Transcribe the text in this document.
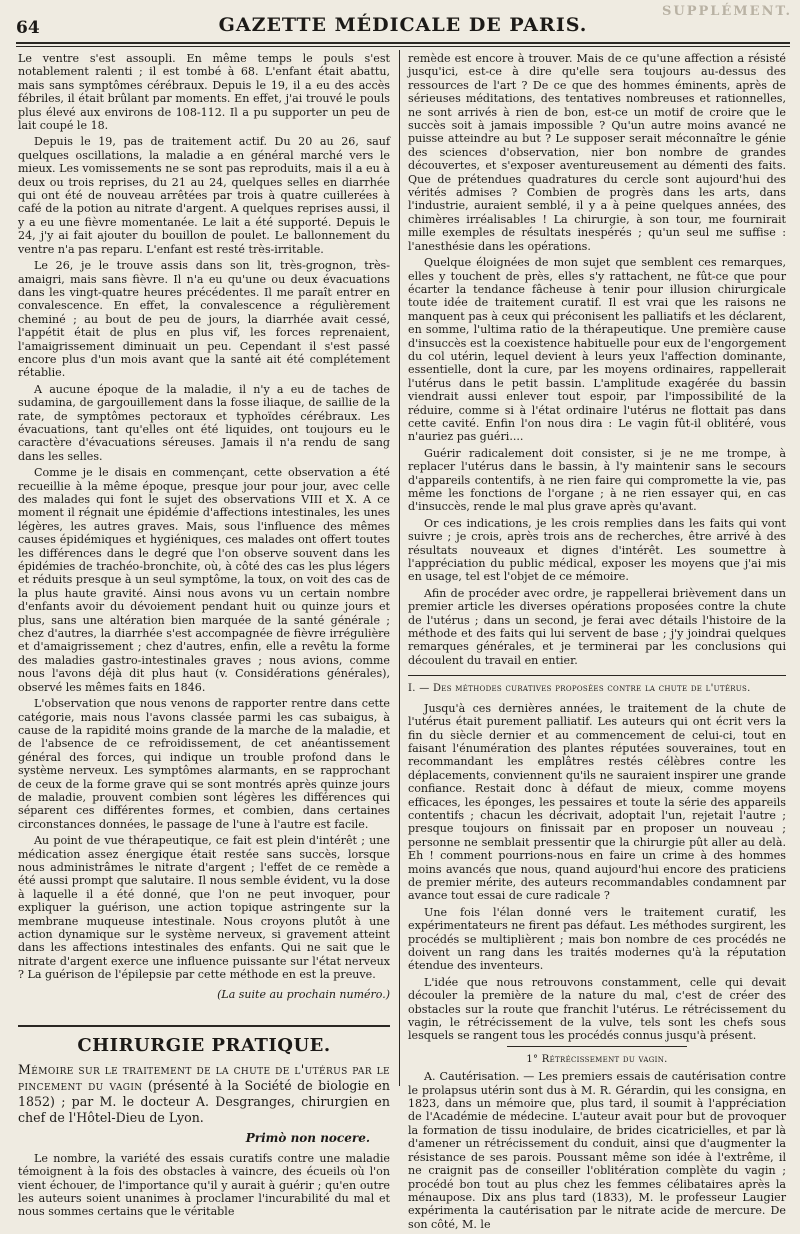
SUPPLÉMENT.
64	GAZETTE MÉDICALE DE PARIS.

Le ventre s'est assoupli. En même temps le pouls s'est notablement ralenti ; il est tombé à 68. L'enfant était abattu, mais sans symptômes cérébraux. Depuis le 19, il a eu des accès fébriles, il était brûlant par moments. En effet, j'ai trouvé le pouls plus élevé aux environs de 108-112. Il a pu supporter un peu de lait coupé le 18.

Depuis le 19, pas de traitement actif. Du 20 au 26, sauf quelques oscillations, la maladie a en général marché vers le mieux. Les vomissements ne se sont pas reproduits, mais il a eu à deux ou trois reprises, du 21 au 24, quelques selles en diarrhée qui ont été de nouveau arrêtées par trois à quatre cuillerées à café de la potion au nitrate d'argent. A quelques reprises aussi, il y a eu une fièvre momentanée. Le lait a été supporté. Depuis le 24, j'y ai fait ajouter du bouillon de poulet. Le ballonnement du ventre n'a pas reparu. L'enfant est resté très-irritable.

Le 26, je le trouve assis dans son lit, très-grognon, très-amaigri, mais sans fièvre. Il n'a eu qu'une ou deux évacuations dans les vingt-quatre heures précédentes. Il me paraît entrer en convalescence. En effet, la convalescence a régulièrement cheminé ; au bout de peu de jours, la diarrhée avait cessé, l'appétit était de plus en plus vif, les forces reprenaient, l'amaigrissement diminuait un peu. Cependant il s'est passé encore plus d'un mois avant que la santé ait été complétement rétablie.

A aucune époque de la maladie, il n'y a eu de taches de sudamina, de gargouillement dans la fosse iliaque, de saillie de la rate, de symptômes pectoraux et typhoïdes cérébraux. Les évacuations, tant qu'elles ont été liquides, ont toujours eu le caractère d'évacuations séreuses. Jamais il n'a rendu de sang dans les selles.

Comme je le disais en commençant, cette observation a été recueillie à la même époque, presque jour pour jour, avec celle des malades qui font le sujet des observations VIII et X. A ce moment il régnait une épidémie d'affections intestinales, les unes légères, les autres graves. Mais, sous l'influence des mêmes causes épidémiques et hygiéniques, ces malades ont offert toutes les différences dans le degré que l'on observe souvent dans les épidémies de trachéo-bronchite, où, à côté des cas les plus légers et réduits presque à un seul symptôme, la toux, on voit des cas de la plus haute gravité. Ainsi nous avons vu un certain nombre d'enfants avoir du dévoiement pendant huit ou quinze jours et plus, sans une altération bien marquée de la santé générale ; chez d'autres, la diarrhée s'est accompagnée de fièvre irrégulière et d'amaigrissement ; chez d'autres, enfin, elle a revêtu la forme des maladies gastro-intestinales graves ; nous avions, comme nous l'avons déjà dit plus haut (v. Considérations générales), observé les mêmes faits en 1846.

L'observation que nous venons de rapporter rentre dans cette catégorie, mais nous l'avons classée parmi les cas subaigus, à cause de la rapidité moins grande de la marche de la maladie, et de l'absence de ce refroidissement, de cet anéantissement général des forces, qui indique un trouble profond dans le système nerveux. Les symptômes alarmants, en se rapprochant de ceux de la forme grave qui se sont montrés après quinze jours de maladie, prouvent combien sont légères les différences qui séparent ces différentes formes, et combien, dans certaines circonstances données, le passage de l'une à l'autre est facile.

Au point de vue thérapeutique, ce fait est plein d'intérêt ; une médication assez énergique était restée sans succès, lorsque nous administrâmes le nitrate d'argent ; l'effet de ce remède a été aussi prompt que salutaire. Il nous semble évident, vu la dose à laquelle il a été donné, que l'on ne peut invoquer, pour expliquer la guérison, une action topique astringente sur la membrane muqueuse intestinale. Nous croyons plutôt à une action dynamique sur le système nerveux, si gravement atteint dans les affections intestinales des enfants. Qui ne sait que le nitrate d'argent exerce une influence puissante sur l'état nerveux ? La guérison de l'épilepsie par cette méthode en est la preuve.

(La suite au prochain numéro.)
CHIRURGIE PRATIQUE.
Mémoire sur le traitement de la chute de l'utérus par le pincement du vagin (présenté à la Société de biologie en 1852) ; par M. le docteur A. Desgranges, chirurgien en chef de l'Hôtel-Dieu de Lyon.
Primò non nocere.

Le nombre, la variété des essais curatifs contre une maladie témoignent à la fois des obstacles à vaincre, des écueils où l'on vient échouer, de l'importance qu'il y aurait à guérir ; qu'en outre les auteurs soient unanimes à proclamer l'incurabilité du mal et nous sommes certains que le véritable

remède est encore à trouver. Mais de ce qu'une affection a résisté jusqu'ici, est-ce à dire qu'elle sera toujours au-dessus des ressources de l'art ? De ce que des hommes éminents, après de sérieuses méditations, des tentatives nombreuses et rationnelles, ne sont arrivés à rien de bon, est-ce un motif de croire que le succès soit à jamais impossible ? Qu'un autre moins avancé ne puisse atteindre au but ? Le supposer serait méconnaître le génie des sciences d'observation, nier bon nombre de grandes découvertes, et s'exposer aventureusement au démenti des faits. Que de prétendues quadratures du cercle sont aujourd'hui des vérités admises ? Combien de progrès dans les arts, dans l'industrie, auraient semblé, il y a à peine quelques années, des chimères irréalisables ! La chirurgie, à son tour, me fournirait mille exemples de résultats inespérés ; qu'un seul me suffise : l'anesthésie dans les opérations.

Quelque éloignées de mon sujet que semblent ces remarques, elles y touchent de près, elles s'y rattachent, ne fût-ce que pour écarter la tendance fâcheuse à tenir pour illusion chirurgicale toute idée de traitement curatif. Il est vrai que les raisons ne manquent pas à ceux qui préconisent les palliatifs et les déclarent, en somme, l'ultima ratio de la thérapeutique. Une première cause d'insuccès est la coexistence habituelle pour eux de l'engorgement du col utérin, lequel devient à leurs yeux l'affection dominante, essentielle, dont la cure, par les moyens ordinaires, rappellerait l'utérus dans le petit bassin. L'amplitude exagérée du bassin viendrait aussi enlever tout espoir, par l'impossibilité de la réduire, comme si à l'état ordinaire l'utérus ne flottait pas dans cette cavité. Enfin l'on nous dira : Le vagin fût-il oblitéré, vous n'auriez pas guéri....

Guérir radicalement doit consister, si je ne me trompe, à replacer l'utérus dans le bassin, à l'y maintenir sans le secours d'appareils contentifs, à ne rien faire qui compromette la vie, pas même les fonctions de l'organe ; à ne rien essayer qui, en cas d'insuccès, rende le mal plus grave après qu'avant.

Or ces indications, je les crois remplies dans les faits qui vont suivre ; je crois, après trois ans de recherches, être arrivé à des résultats nouveaux et dignes d'intérêt. Les soumettre à l'appréciation du public médical, exposer les moyens que j'ai mis en usage, tel est l'objet de ce mémoire.

Afin de procéder avec ordre, je rappellerai brièvement dans un premier article les diverses opérations proposées contre la chute de l'utérus ; dans un second, je ferai avec détails l'histoire de la méthode et des faits qui lui servent de base ; j'y joindrai quelques remarques générales, et je terminerai par les conclusions qui découlent du travail en entier.

I. — Des méthodes curatives proposées contre la chute de l'utérus.

Jusqu'à ces dernières années, le traitement de la chute de l'utérus était purement palliatif. Les auteurs qui ont écrit vers la fin du siècle dernier et au commencement de celui-ci, tout en faisant l'énumération des plantes réputées souveraines, tout en recommandant les emplâtres restés célèbres contre les déplacements, conviennent qu'ils ne sauraient inspirer une grande confiance. Restait donc à défaut de mieux, comme moyens efficaces, les éponges, les pessaires et toute la série des appareils contentifs ; chacun les décrivait, adoptait l'un, rejetait l'autre ; presque toujours on finissait par en proposer un nouveau ; personne ne semblait pressentir que la chirurgie pût aller au delà. Eh ! comment pourrions-nous en faire un crime à des hommes moins avancés que nous, quand aujourd'hui encore des praticiens de premier mérite, des auteurs recommandables condamnent par avance tout essai de cure radicale ?

Une fois l'élan donné vers le traitement curatif, les expérimentateurs ne firent pas défaut. Les méthodes surgirent, les procédés se multiplièrent ; mais bon nombre de ces procédés ne doivent un rang dans les traités modernes qu'à la réputation étendue des inventeurs.

L'idée que nous retrouvons constamment, celle qui devait découler la première de la nature du mal, c'est de créer des obstacles sur la route que franchit l'utérus. Le rétrécissement du vagin, le rétrécissement de la vulve, tels sont les chefs sous lesquels se rangent tous les procédés connus jusqu'à présent.

1° Rétrécissement du vagin.

A. Cautérisation. — Les premiers essais de cautérisation contre le prolapsus utérin sont dus à M. R. Gérardin, qui les consigna, en 1823, dans un mémoire que, plus tard, il soumit à l'appréciation de l'Académie de médecine. L'auteur avait pour but de provoquer la formation de tissu inodulaire, de brides cicatricielles, et par là d'amener un rétrécissement du conduit, ainsi que d'augmenter la résistance de ses parois. Poussant même son idée à l'extrême, il ne craignit pas de conseiller l'oblitération complète du vagin ; procédé bon tout au plus chez les femmes célibataires après la ménaupose. Dix ans plus tard (1833), M. le professeur Laugier expérimenta la cautérisation par le nitrate acide de mercure. De son côté, M. le
